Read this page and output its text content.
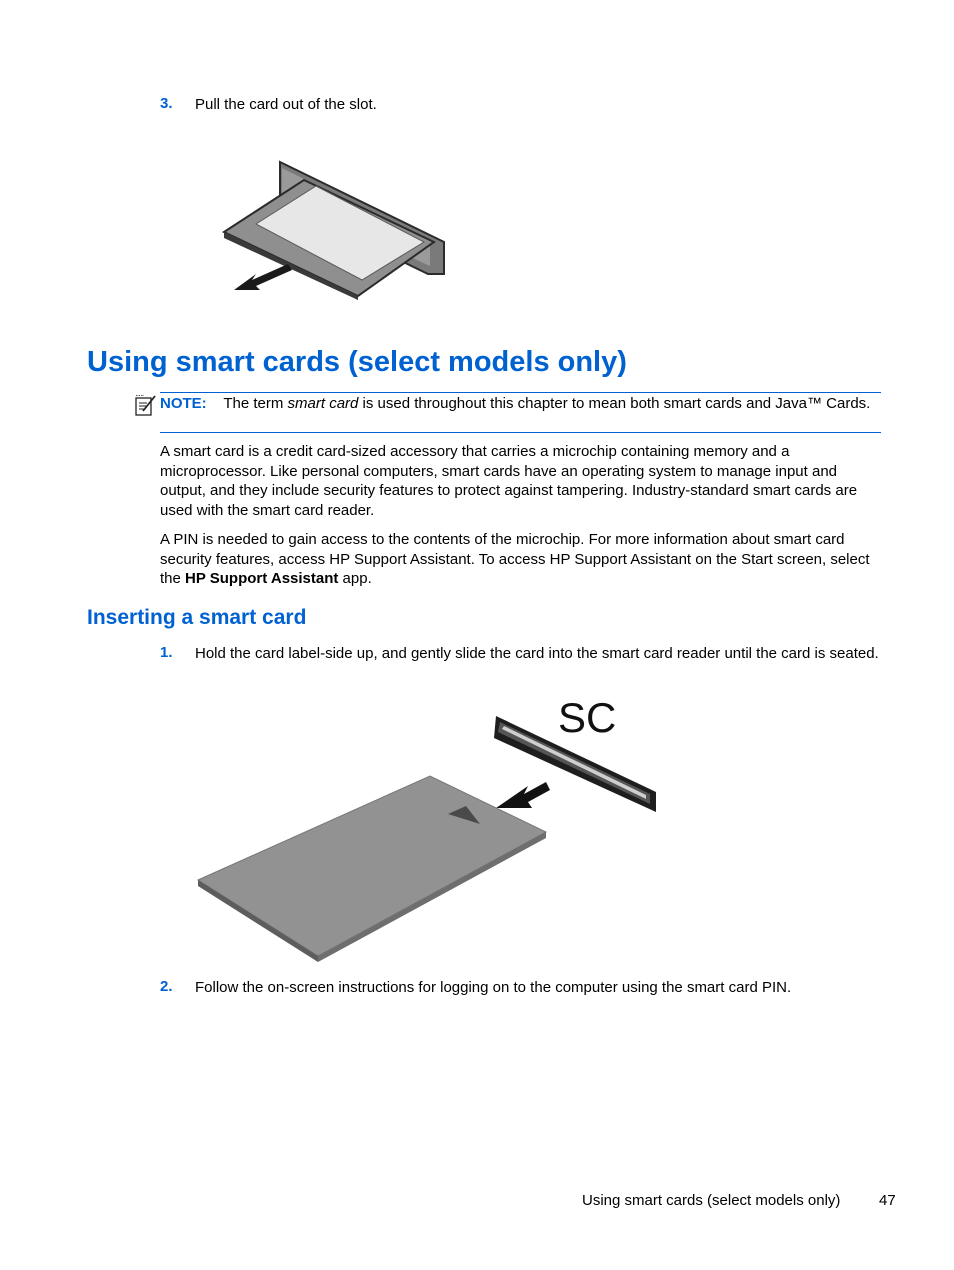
3. Pull the card out of the slot.
Using smart cards (select models only)
NOTE: The term smart card is used throughout this chapter to mean both smart cards and Java™ Cards.
A smart card is a credit card-sized accessory that carries a microchip containing memory and a microprocessor. Like personal computers, smart cards have an operating system to manage input and output, and they include security features to protect against tampering. Industry-standard smart cards are used with the smart card reader.
A PIN is needed to gain access to the contents of the microchip. For more information about smart card security features, access HP Support Assistant. To access HP Support Assistant on the Start screen, select the HP Support Assistant app.
Inserting a smart card
1. Hold the card label-side up, and gently slide the card into the smart card reader until the card is seated.
SC
2. Follow the on-screen instructions for logging on to the computer using the smart card PIN.
Using smart cards (select models only)	47
